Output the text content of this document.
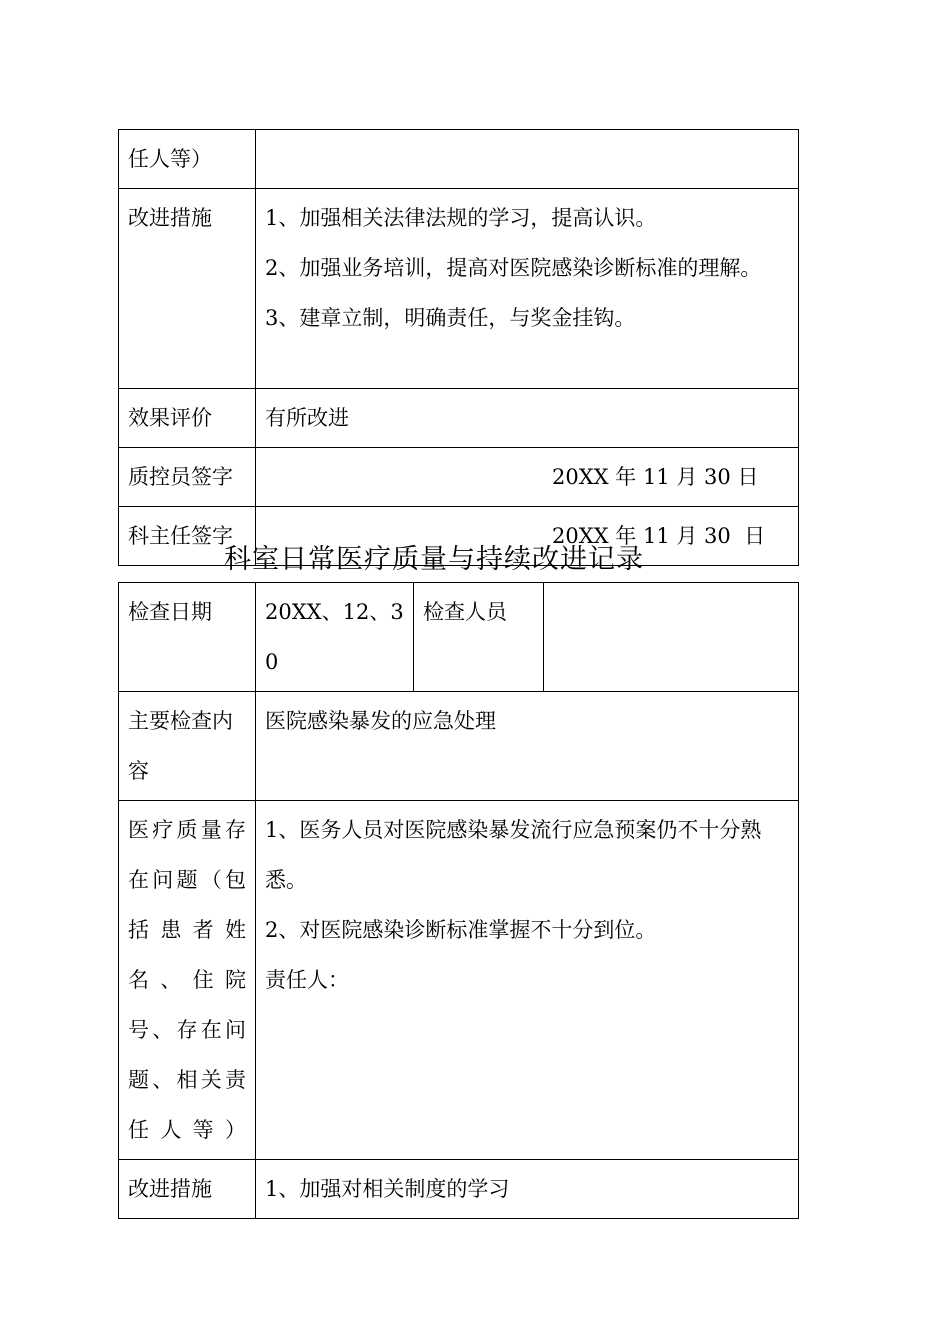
任人等）	
改进措施	1、加强相关法律法规的学习，提高认识。
2、加强业务培训，提高对医院感染诊断标准的理解。
3、建章立制，明确责任，与奖金挂钩。

效果评价	有所改进
质控员签字	20XX 年 11 月 30 日

科主任签字	20XX 年 11 月 30  日
科室日常医疗质量与持续改进记录
检查日期	20XX、12、30	检查人员	
主要检查内容	医院感染暴发的应急处理		
医疗质量存在问题（包括患者姓名、住院号、存在问题、相关责任人等）	1、医务人员对医院感染暴发流行应急预案仍不十分熟悉。
2、对医院感染诊断标准掌握不十分到位。
责任人：		

改进措施	1、加强对相关制度的学习		
